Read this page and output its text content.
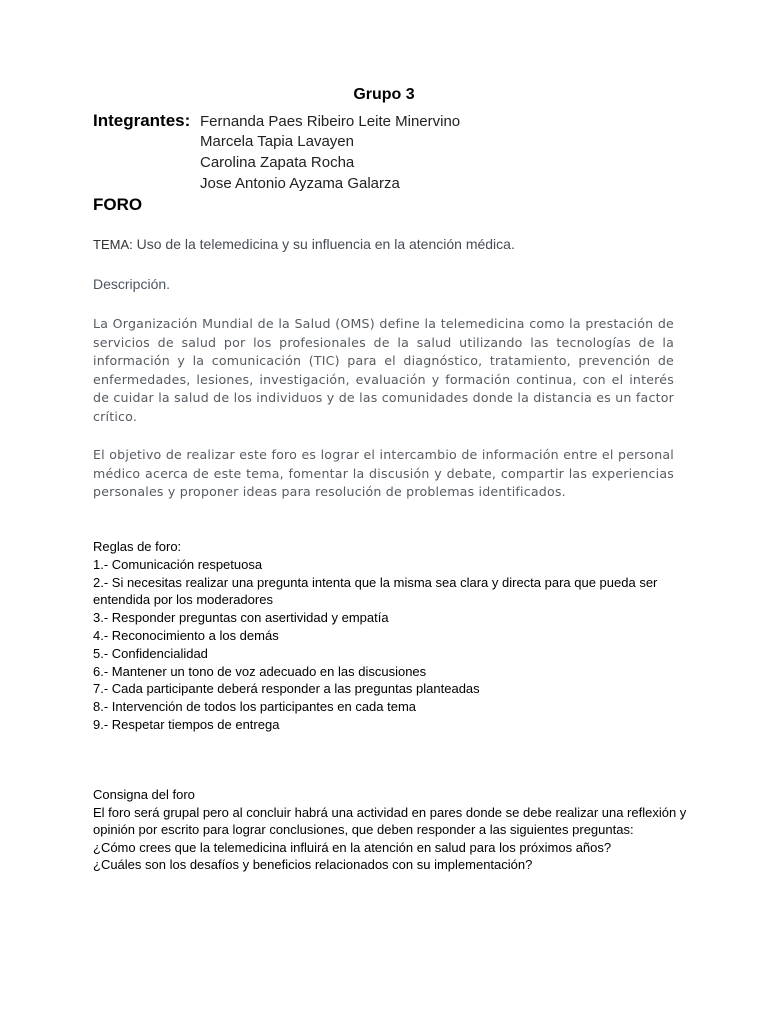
Grupo 3
Integrantes: Fernanda Paes Ribeiro Leite Minervino
Marcela Tapia Lavayen
Carolina Zapata Rocha
Jose Antonio Ayzama Galarza
FORO
TEMA: Uso de la telemedicina y su influencia en la atención médica.
Descripción.
La Organización Mundial de la Salud (OMS) define la telemedicina como la prestación de servicios de salud por los profesionales de la salud utilizando las tecnologías de la información y la comunicación (TIC) para el diagnóstico, tratamiento, prevención de enfermedades, lesiones, investigación, evaluación y formación continua, con el interés de cuidar la salud de los individuos y de las comunidades donde la distancia es un factor crítico.
El objetivo de realizar este foro es lograr el intercambio de información entre el personal médico acerca de este tema, fomentar la discusión y debate, compartir las experiencias personales y proponer ideas para resolución de problemas identificados.
Reglas de foro:
1.- Comunicación respetuosa
2.- Si necesitas realizar una pregunta intenta que la misma sea clara y directa para que pueda ser entendida por los moderadores
3.- Responder preguntas con asertividad y empatía
4.- Reconocimiento a los demás
5.- Confidencialidad
6.- Mantener un tono de voz adecuado en las discusiones
7.- Cada participante deberá responder a las preguntas planteadas
8.- Intervención de todos los participantes en cada tema
9.- Respetar tiempos de entrega
Consigna del foro
El foro será grupal pero al concluir habrá una actividad en pares donde se debe realizar una reflexión y opinión por escrito para lograr conclusiones, que deben responder a las siguientes preguntas:
¿Cómo crees que la telemedicina influirá en la atención en salud para los próximos años?
¿Cuáles son los desafíos y beneficios relacionados con su implementación?
